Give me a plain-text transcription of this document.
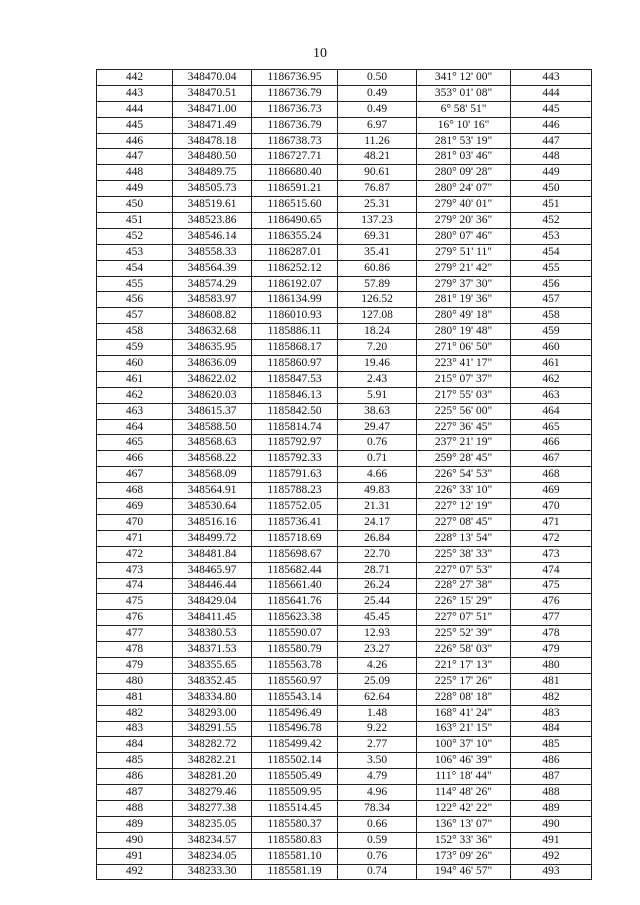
10
442	348470.04	1186736.95	0.50	341° 12' 00"	443
443	348470.51	1186736.79	0.49	353° 01' 08"	444
444	348471.00	1186736.73	0.49	6° 58' 51"	445
445	348471.49	1186736.79	6.97	16° 10' 16"	446
446	348478.18	1186738.73	11.26	281° 53' 19"	447
447	348480.50	1186727.71	48.21	281° 03' 46"	448
448	348489.75	1186680.40	90.61	280° 09' 28"	449
449	348505.73	1186591.21	76.87	280° 24' 07"	450
450	348519.61	1186515.60	25.31	279° 40' 01"	451
451	348523.86	1186490.65	137.23	279° 20' 36"	452
452	348546.14	1186355.24	69.31	280° 07' 46"	453
453	348558.33	1186287.01	35.41	279° 51' 11"	454
454	348564.39	1186252.12	60.86	279° 21' 42"	455
455	348574.29	1186192.07	57.89	279° 37' 30"	456
456	348583.97	1186134.99	126.52	281° 19' 36"	457
457	348608.82	1186010.93	127.08	280° 49' 18"	458
458	348632.68	1185886.11	18.24	280° 19' 48"	459
459	348635.95	1185868.17	7.20	271° 06' 50"	460
460	348636.09	1185860.97	19.46	223° 41' 17"	461
461	348622.02	1185847.53	2.43	215° 07' 37"	462
462	348620.03	1185846.13	5.91	217° 55' 03"	463
463	348615.37	1185842.50	38.63	225° 56' 00"	464
464	348588.50	1185814.74	29.47	227° 36' 45"	465
465	348568.63	1185792.97	0.76	237° 21' 19"	466
466	348568.22	1185792.33	0.71	259° 28' 45"	467
467	348568.09	1185791.63	4.66	226° 54' 53"	468
468	348564.91	1185788.23	49.83	226° 33' 10"	469
469	348530.64	1185752.05	21.31	227° 12' 19"	470
470	348516.16	1185736.41	24.17	227° 08' 45"	471
471	348499.72	1185718.69	26.84	228° 13' 54"	472
472	348481.84	1185698.67	22.70	225° 38' 33"	473
473	348465.97	1185682.44	28.71	227° 07' 53"	474
474	348446.44	1185661.40	26.24	228° 27' 38"	475
475	348429.04	1185641.76	25.44	226° 15' 29"	476
476	348411.45	1185623.38	45.45	227° 07' 51"	477
477	348380.53	1185590.07	12.93	225° 52' 39"	478
478	348371.53	1185580.79	23.27	226° 58' 03"	479
479	348355.65	1185563.78	4.26	221° 17' 13"	480
480	348352.45	1185560.97	25.09	225° 17' 26"	481
481	348334.80	1185543.14	62.64	228° 08' 18"	482
482	348293.00	1185496.49	1.48	168° 41' 24"	483
483	348291.55	1185496.78	9.22	163° 21' 15"	484
484	348282.72	1185499.42	2.77	100° 37' 10"	485
485	348282.21	1185502.14	3.50	106° 46' 39"	486
486	348281.20	1185505.49	4.79	111° 18' 44"	487
487	348279.46	1185509.95	4.96	114° 48' 26"	488
488	348277.38	1185514.45	78.34	122° 42' 22"	489
489	348235.05	1185580.37	0.66	136° 13' 07"	490
490	348234.57	1185580.83	0.59	152° 33' 36"	491
491	348234.05	1185581.10	0.76	173° 09' 26"	492
492	348233.30	1185581.19	0.74	194° 46' 57"	493
